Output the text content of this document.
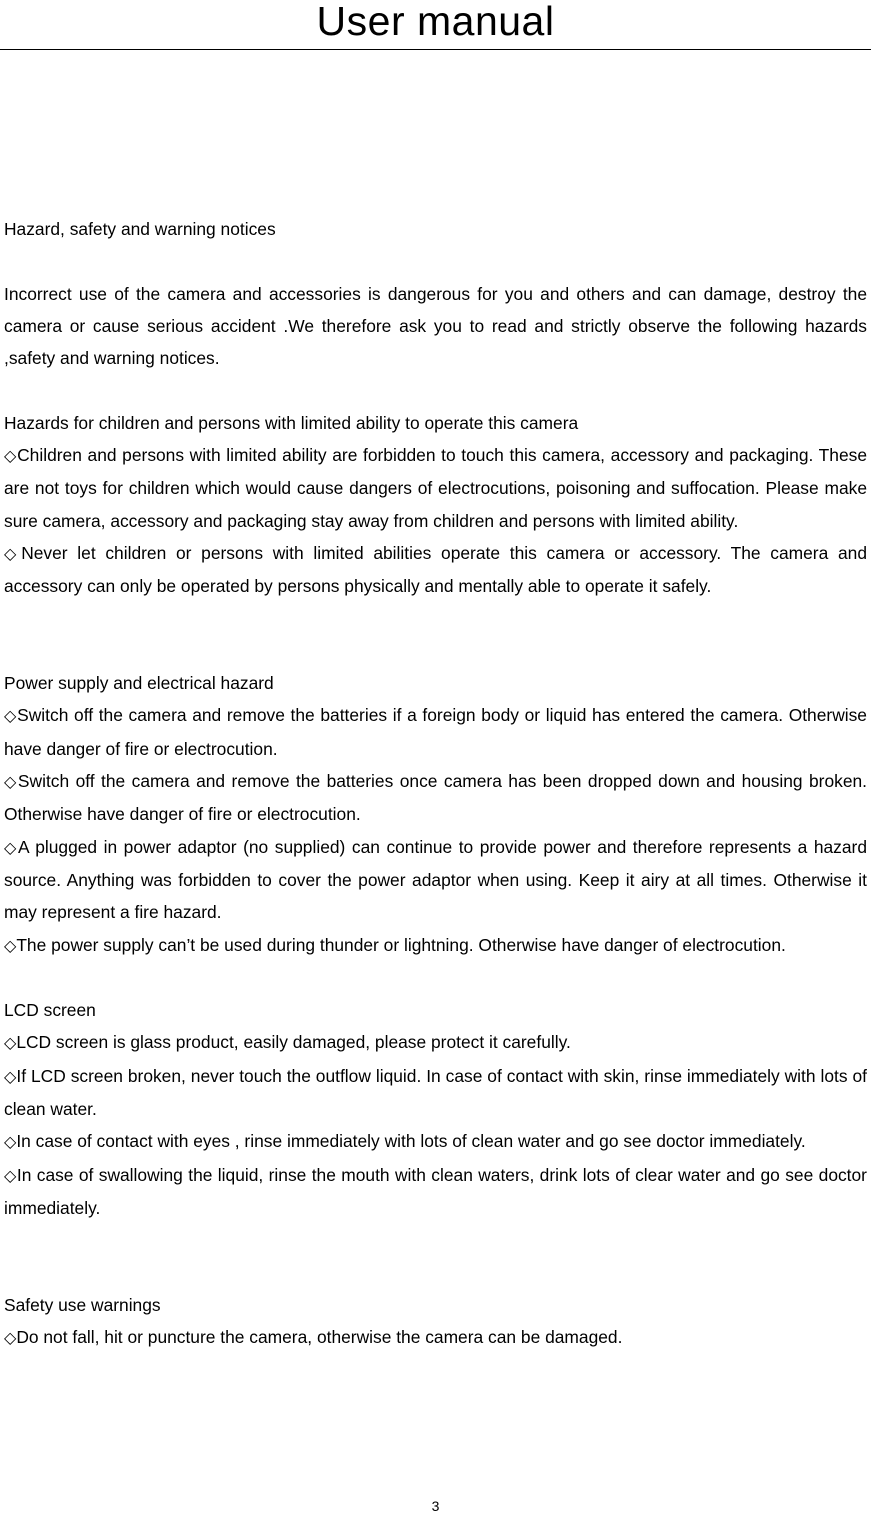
User manual

Hazard, safety and warning notices

Incorrect use of the camera and accessories is dangerous for you and others and can damage, destroy the camera or cause serious accident .We therefore ask you to read and strictly observe the following hazards ,safety and warning notices.

Hazards for children and persons with limited ability to operate this camera

◇Children and persons with limited ability are forbidden to touch this camera, accessory and packaging. These are not toys for children which would cause dangers of electrocutions, poisoning and suffocation. Please make sure camera, accessory and packaging stay away from children and persons with limited ability.

◇Never let children or persons with limited abilities operate this camera or accessory. The camera and accessory can only be operated by persons physically and mentally able to operate it safely.

Power supply and electrical hazard

◇Switch off the camera and remove the batteries if a foreign body or liquid has entered the camera. Otherwise have danger of fire or electrocution.

◇Switch off the camera and remove the batteries once camera has been dropped down and housing broken. Otherwise have danger of fire or electrocution.

◇A plugged in power adaptor (no supplied) can continue to provide power and therefore represents a hazard source. Anything was forbidden to cover the power adaptor when using. Keep it airy at all times. Otherwise it may represent a fire hazard.

◇The power supply can’t be used during thunder or lightning. Otherwise have danger of electrocution.

LCD screen

◇LCD screen is glass product, easily damaged, please protect it carefully.

◇If LCD screen broken, never touch the outflow liquid. In case of contact with skin, rinse immediately with lots of clean water.

◇In case of contact with eyes , rinse immediately with lots of clean water and go see doctor immediately.

◇In case of swallowing the liquid, rinse the mouth with clean waters, drink lots of clear water and go see doctor immediately.

Safety use warnings

◇Do not fall, hit or puncture the camera, otherwise the camera can be damaged.

3
